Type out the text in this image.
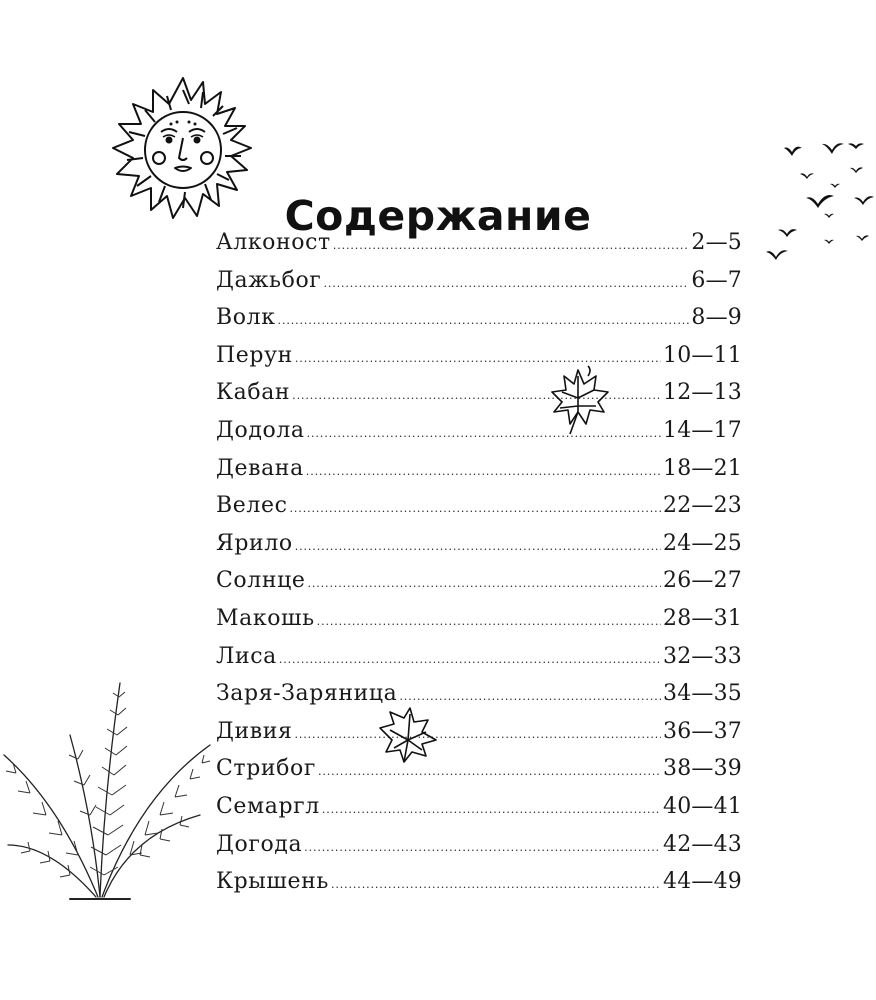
Содержание
Алконост . . .	2—5
Дажьбог . . .	6—7
Волк . . .	8—9
Перун . . .	10—11
Кабан . . .	12—13
Додола . . .	14—17
Девана . . .	18—21
Велес . . .	22—23
Ярило . . .	24—25
Солнце . . .	26—27
Макошь . . .	28—31
Лиса . . .	32—33
Заря-Заряница . . .	34—35
Дивия . . .	36—37
Стрибог . . .	38—39
Семаргл . . .	40—41
Догода . . .	42—43
Крышень . . .	44—49
